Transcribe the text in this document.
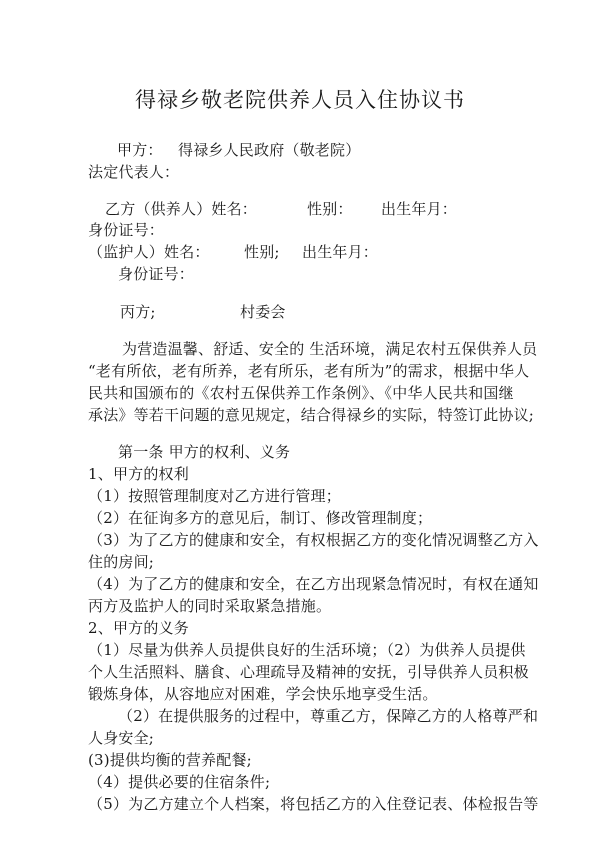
得禄乡敬老院供养人员入住协议书
甲方： 得禄乡人民政府（敬老院）
法定代表人：
乙方（供养人）姓名：	性别： 出生年月：
身份证号：
（监护人）姓名： 性别; 出生年月：
身份证号：
丙方;	村委会
为营造温馨、舒适、安全的 生活环境，满足农村五保供养人员
“老有所依，老有所养，老有所乐，老有所为”的需求，根据中华人
民共和国颁布的《农村五保供养工作条例》、《中华人民共和国继
承法》等若干问题的意见规定，结合得禄乡的实际，特签订此协议;
第一条 甲方的权利、义务
1、甲方的权利
（1）按照管理制度对乙方进行管理；
（2）在征询多方的意见后，制订、修改管理制度；
（3）为了乙方的健康和安全，有权根据乙方的变化情况调整乙方入
住的房间;
（4）为了乙方的健康和安全，在乙方出现紧急情况时，有权在通知
丙方及监护人的同时采取紧急措施。
2、甲方的义务
（1）尽量为供养人员提供良好的生活环境；（2）为供养人员提供
个人生活照料、膳食、心理疏导及精神的安抚，引导供养人员积极
锻炼身体，从容地应对困难，学会快乐地享受生活。
（2）在提供服务的过程中，尊重乙方，保障乙方的人格尊严和
人身安全;
(3)提供均衡的营养配餐;
（4）提供必要的住宿条件;
（5）为乙方建立个人档案，将包括乙方的入住登记表、体检报告等
